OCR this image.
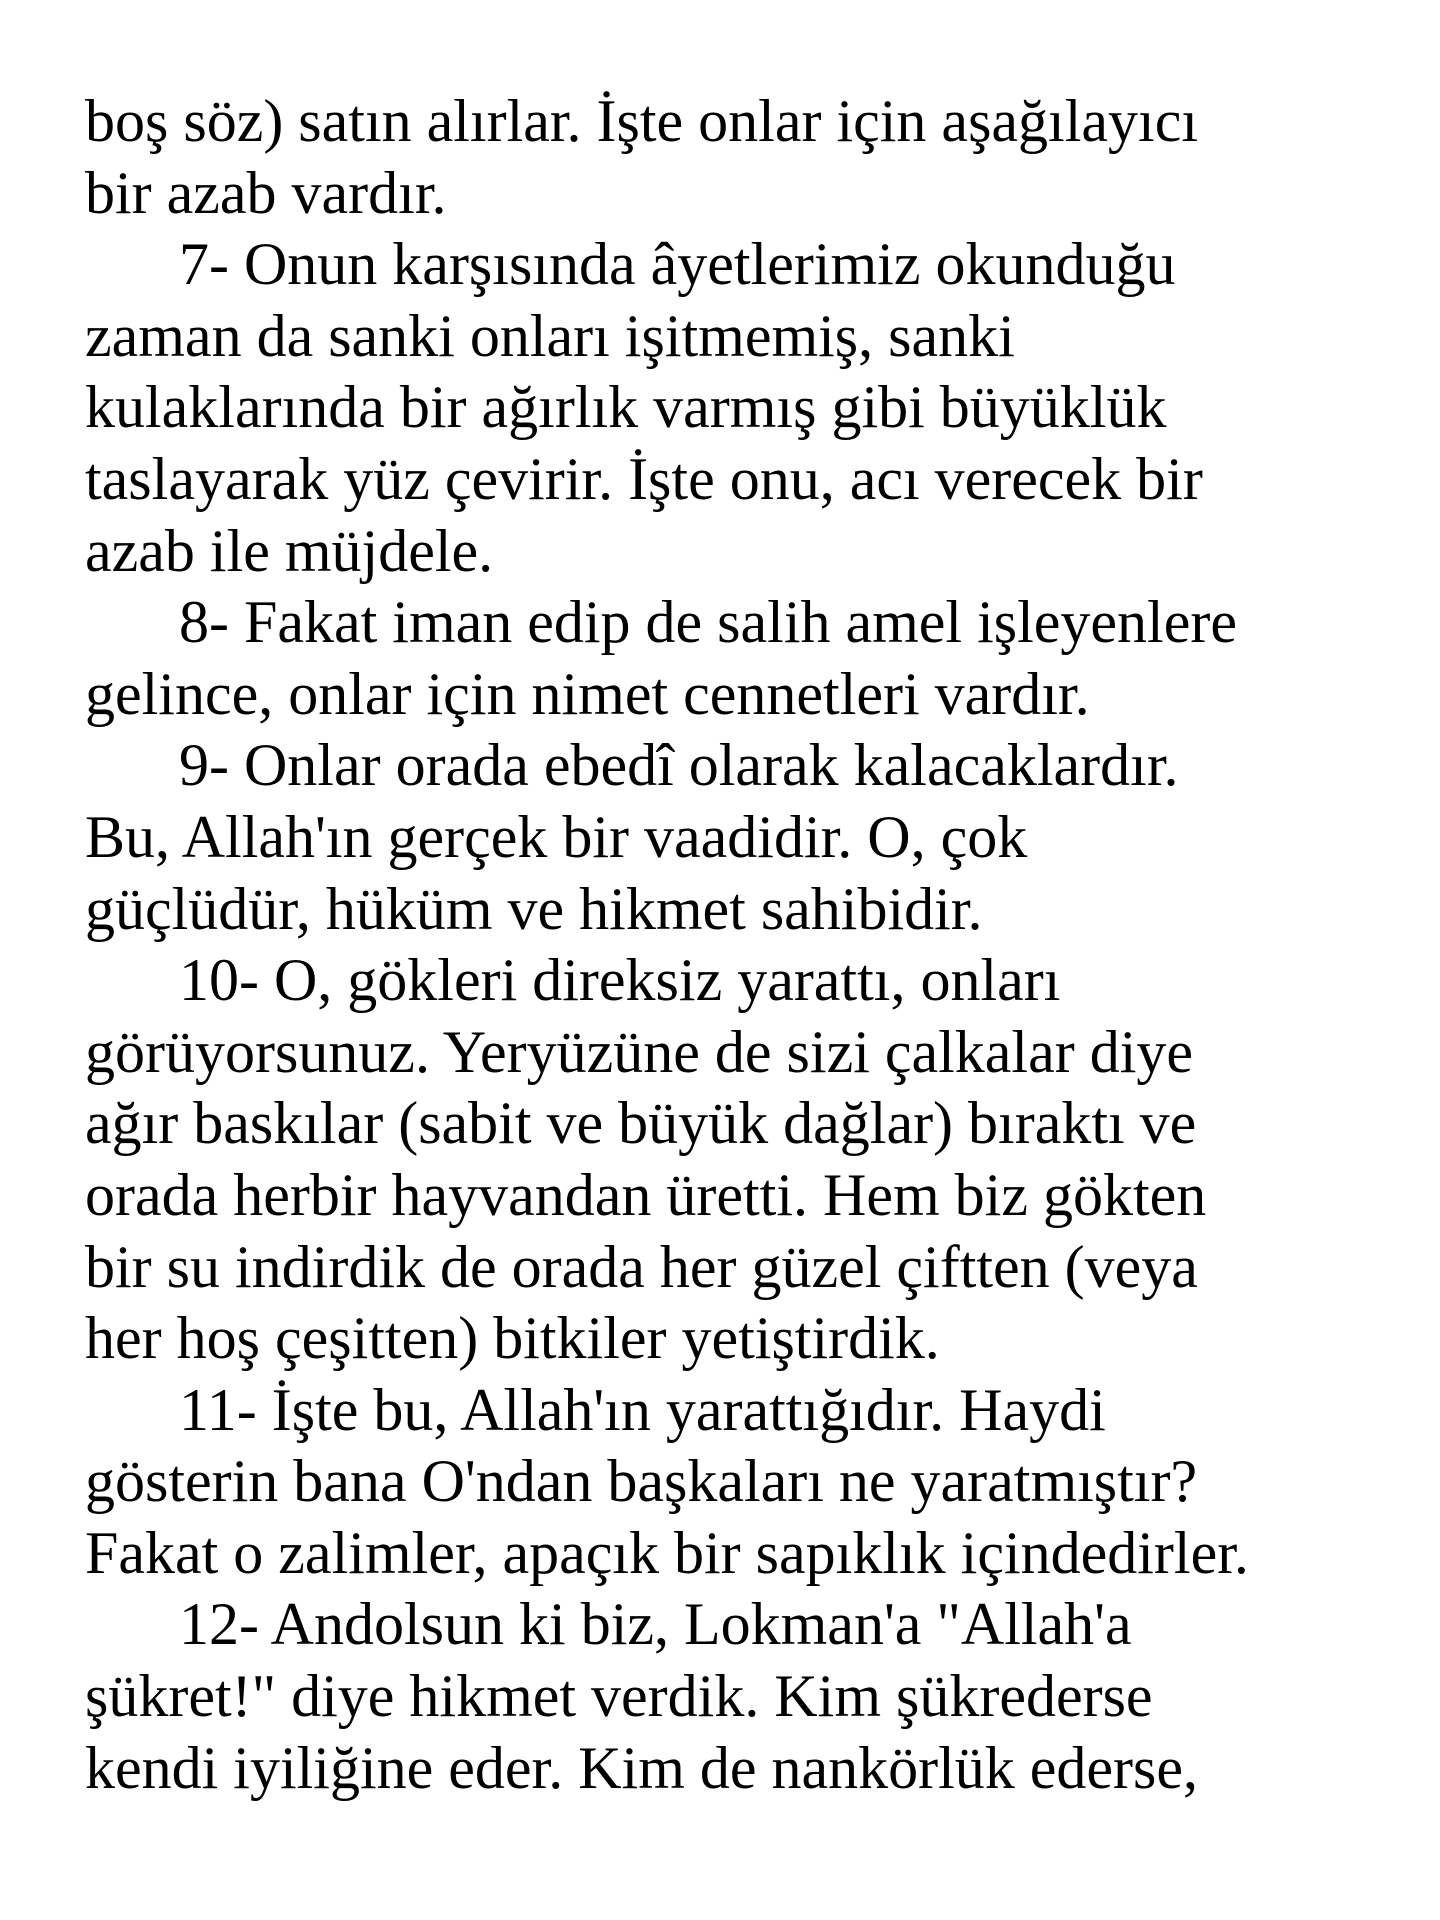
boş söz) satın alırlar. İşte onlar için aşağılayıcı
bir azab vardır.
7- Onun karşısında âyetlerimiz okunduğu
zaman da sanki onları işitmemiş, sanki
kulaklarında bir ağırlık varmış gibi büyüklük
taslayarak yüz çevirir. İşte onu, acı verecek bir
azab ile müjdele.
8- Fakat iman edip de salih amel işleyenlere
gelince, onlar için nimet cennetleri vardır.
9- Onlar orada ebedî olarak kalacaklardır.
Bu, Allah'ın gerçek bir vaadidir. O, çok
güçlüdür, hüküm ve hikmet sahibidir.
10- O, gökleri direksiz yarattı, onları
görüyorsunuz. Yeryüzüne de sizi çalkalar diye
ağır baskılar (sabit ve büyük dağlar) bıraktı ve
orada herbir hayvandan üretti. Hem biz gökten
bir su indirdik de orada her güzel çiftten (veya
her hoş çeşitten) bitkiler yetiştirdik.
11- İşte bu, Allah'ın yarattığıdır. Haydi
gösterin bana O'ndan başkaları ne yaratmıştır?
Fakat o zalimler, apaçık bir sapıklık içindedirler.
12- Andolsun ki biz, Lokman'a "Allah'a
şükret!" diye hikmet verdik. Kim şükrederse
kendi iyiliğine eder. Kim de nankörlük ederse,
